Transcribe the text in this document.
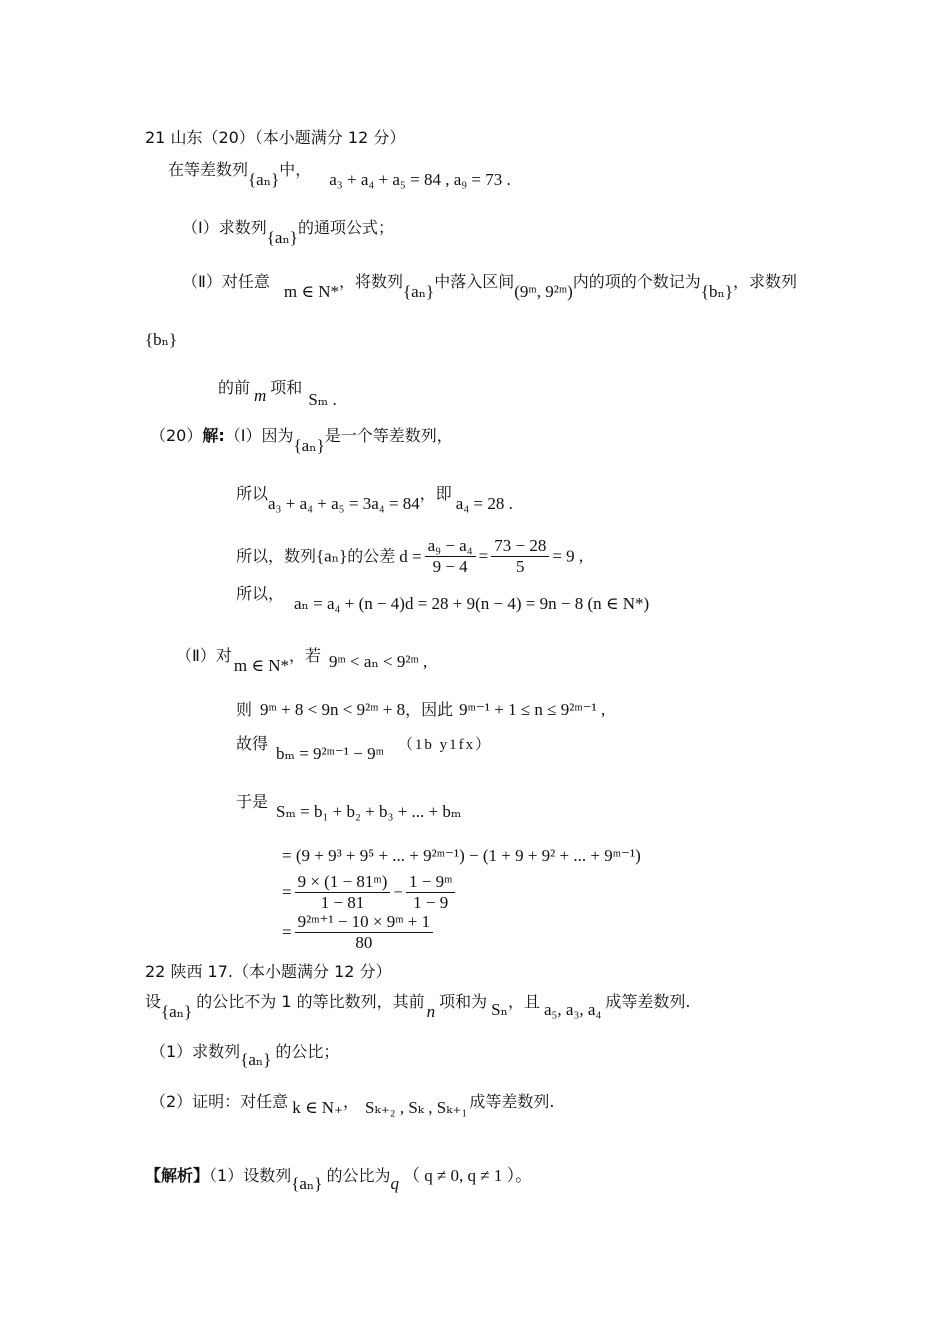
21 山东（20）（本小题满分 12 分）
在等差数列{aₙ}中，a₃ + a₄ + a₅ = 84 , a₉ = 73 .
（Ⅰ）求数列{aₙ}的通项公式；
（Ⅱ）对任意m ∈ N*，将数列{aₙ}中落入区间(9ᵐ, 9²ᵐ)内的项的个数记为{bₙ}，求数列
{bₙ}
的前 m 项和Sₘ .
（20）解:（Ⅰ）因为{aₙ}是一个等差数列，
所以a₃ + a₄ + a₅ = 3a₄ = 84，即a₄ = 28 .
所以，数列{aₙ}的公差 $d = \frac{\text{a₉ − a₄}}{9 - 4} = \frac{73 - 28}{5} = 9$ ,
所以，aₙ = a₄ + (n − 4)d = 28 + 9(n − 4) = 9n − 8 (n ∈ N*)
（Ⅱ）对m ∈ N*，若 9ᵐ < aₙ < 9²ᵐ ,
则 9ᵐ + 8 < 9n < 9²ᵐ + 8，因此 9ᵐ⁻¹ + 1 ≤ n ≤ 9²ᵐ⁻¹ ,
故得bₘ = 9²ᵐ⁻¹ − 9ᵐ （1b y1fx）
于是Sₘ = b₁ + b₂ + b₃ + ... + bₘ
= (9 + 9³ + 9⁵ + ... + 9²ᵐ⁻¹) − (1 + 9 + 9² + ... + 9ᵐ⁻¹)
= $\frac{\text{9 × (1 − 81ᵐ)}}{1 - 81} - \frac{\text{1 − 9ᵐ}}{1 - 9}$
= $\frac{\text{9²ᵐ⁺¹ − 10 × 9ᵐ + 1}}{80}$
22 陕西 17.（本小题满分 12 分）
设{aₙ}的公比不为 1 的等比数列，其前n项和为 Sₙ，且 a₅, a₃, a₄ 成等差数列.
（1）求数列{aₙ} 的公比；
（2）证明：对任意 k ∈ N₊， Sₖ₊₂ , Sₖ , Sₖ₊₁ 成等差数列.
【解析】（1）设数列{aₙ} 的公比为q （ q ≠ 0, q ≠ 1 ）。
